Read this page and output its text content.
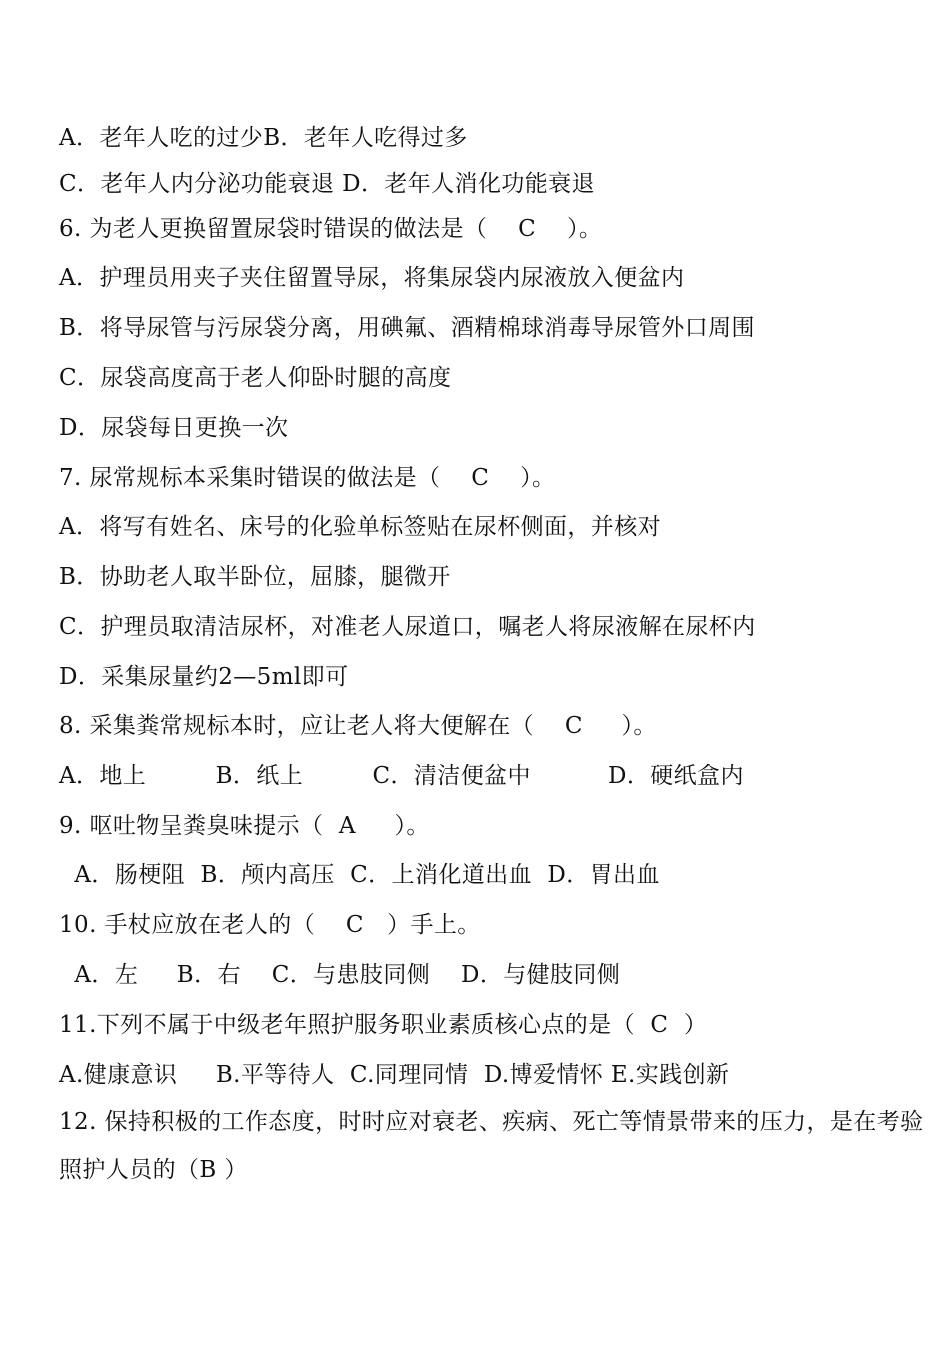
A．老年人吃的过少B．老年人吃得过多
C．老年人内分泌功能衰退 D．老年人消化功能衰退
6. 为老人更换留置尿袋时错误的做法是（    C    ）。
A．护理员用夹子夹住留置导尿，将集尿袋内尿液放入便盆内
B．将导尿管与污尿袋分离，用碘氟、酒精棉球消毒导尿管外口周围
C．尿袋高度高于老人仰卧时腿的高度
D．尿袋每日更换一次
7. 尿常规标本采集时错误的做法是（    C    ）。
A．将写有姓名、床号的化验单标签贴在尿杯侧面，并核对
B．协助老人取半卧位，屈膝，腿微开
C．护理员取清洁尿杯，对准老人尿道口，嘱老人将尿液解在尿杯内
D．采集尿量约2—5ml即可
8. 采集粪常规标本时，应让老人将大便解在（    C     ）。
A．地上         B．纸上         C．清洁便盆中          D．硬纸盒内
9. 呕吐物呈粪臭味提示（  A     ）。
A．肠梗阻  B．颅内高压  C．上消化道出血  D．胃出血
10. 手杖应放在老人的（    C   ）手上。
A．左     B．右    C．与患肢同侧    D．与健肢同侧
11.下列不属于中级老年照护服务职业素质核心点的是（  C  ）
A.健康意识     B.平等待人  C.同理同情  D.博爱情怀 E.实践创新
12. 保持积极的工作态度，时时应对衰老、疾病、死亡等情景带来的压力，是在考验照护人员的（B ）
